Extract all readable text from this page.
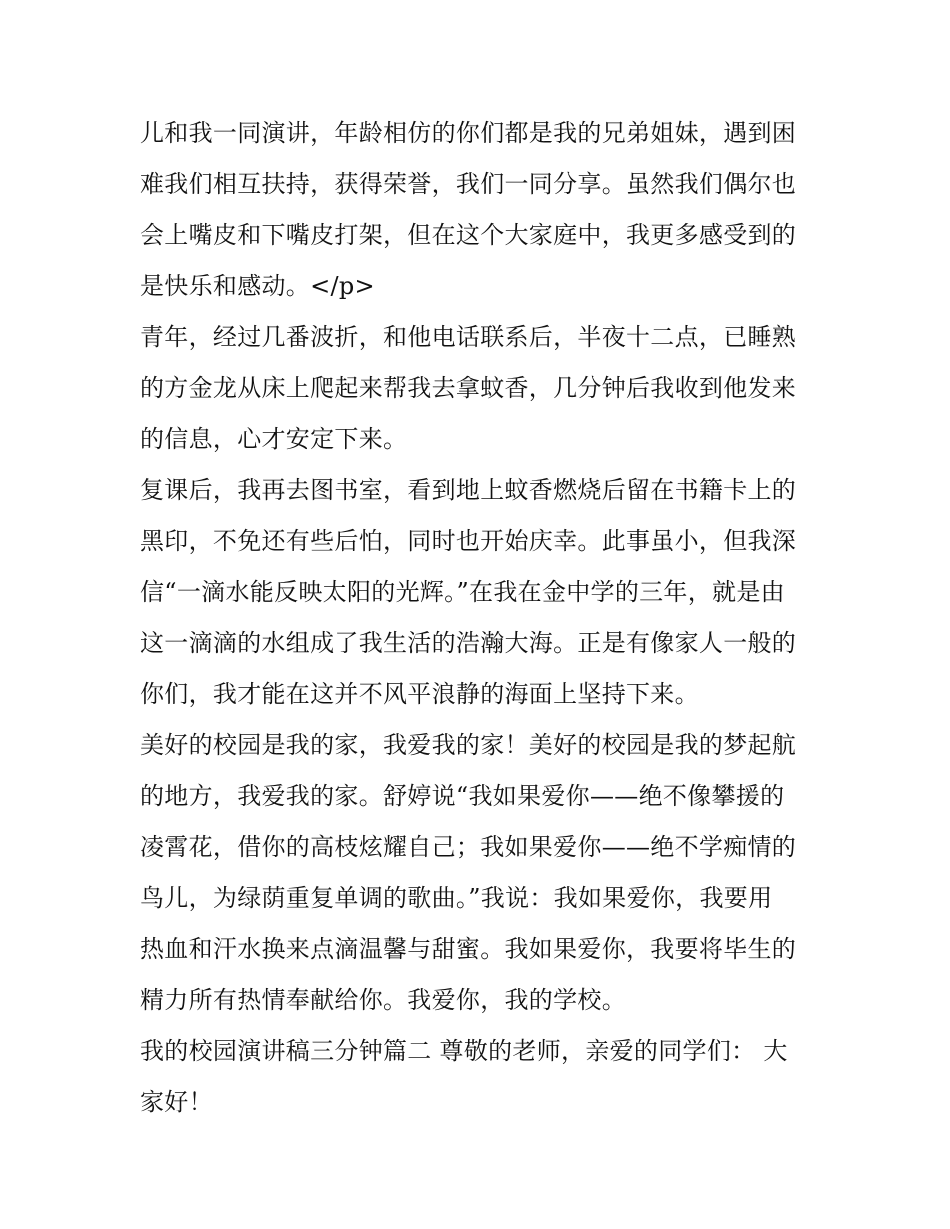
儿和我一同演讲，年龄相仿的你们都是我的兄弟姐妹，遇到困
难我们相互扶持，获得荣誉，我们一同分享。虽然我们偶尔也
会上嘴皮和下嘴皮打架，但在这个大家庭中，我更多感受到的
是快乐和感动。</p>

青年，经过几番波折，和他电话联系后，半夜十二点，已睡熟
的方金龙从床上爬起来帮我去拿蚊香，几分钟后我收到他发来
的信息，心才安定下来。

复课后，我再去图书室，看到地上蚊香燃烧后留在书籍卡上的
黑印，不免还有些后怕，同时也开始庆幸。此事虽小，但我深
信“一滴水能反映太阳的光辉。”在我在金中学的三年，就是由
这一滴滴的水组成了我生活的浩瀚大海。正是有像家人一般的
你们，我才能在这并不风平浪静的海面上坚持下来。

美好的校园是我的家，我爱我的家！美好的校园是我的梦起航
的地方，我爱我的家。舒婷说“我如果爱你——绝不像攀援的
凌霄花，借你的高枝炫耀自己；我如果爱你——绝不学痴情的
鸟儿，为绿荫重复单调的歌曲。”我说：我如果爱你，我要用
热血和汗水换来点滴温馨与甜蜜。我如果爱你，我要将毕生的
精力所有热情奉献给你。我爱你，我的学校。

我的校园演讲稿三分钟篇二 尊敬的老师，亲爱的同学们： 大
家好！
